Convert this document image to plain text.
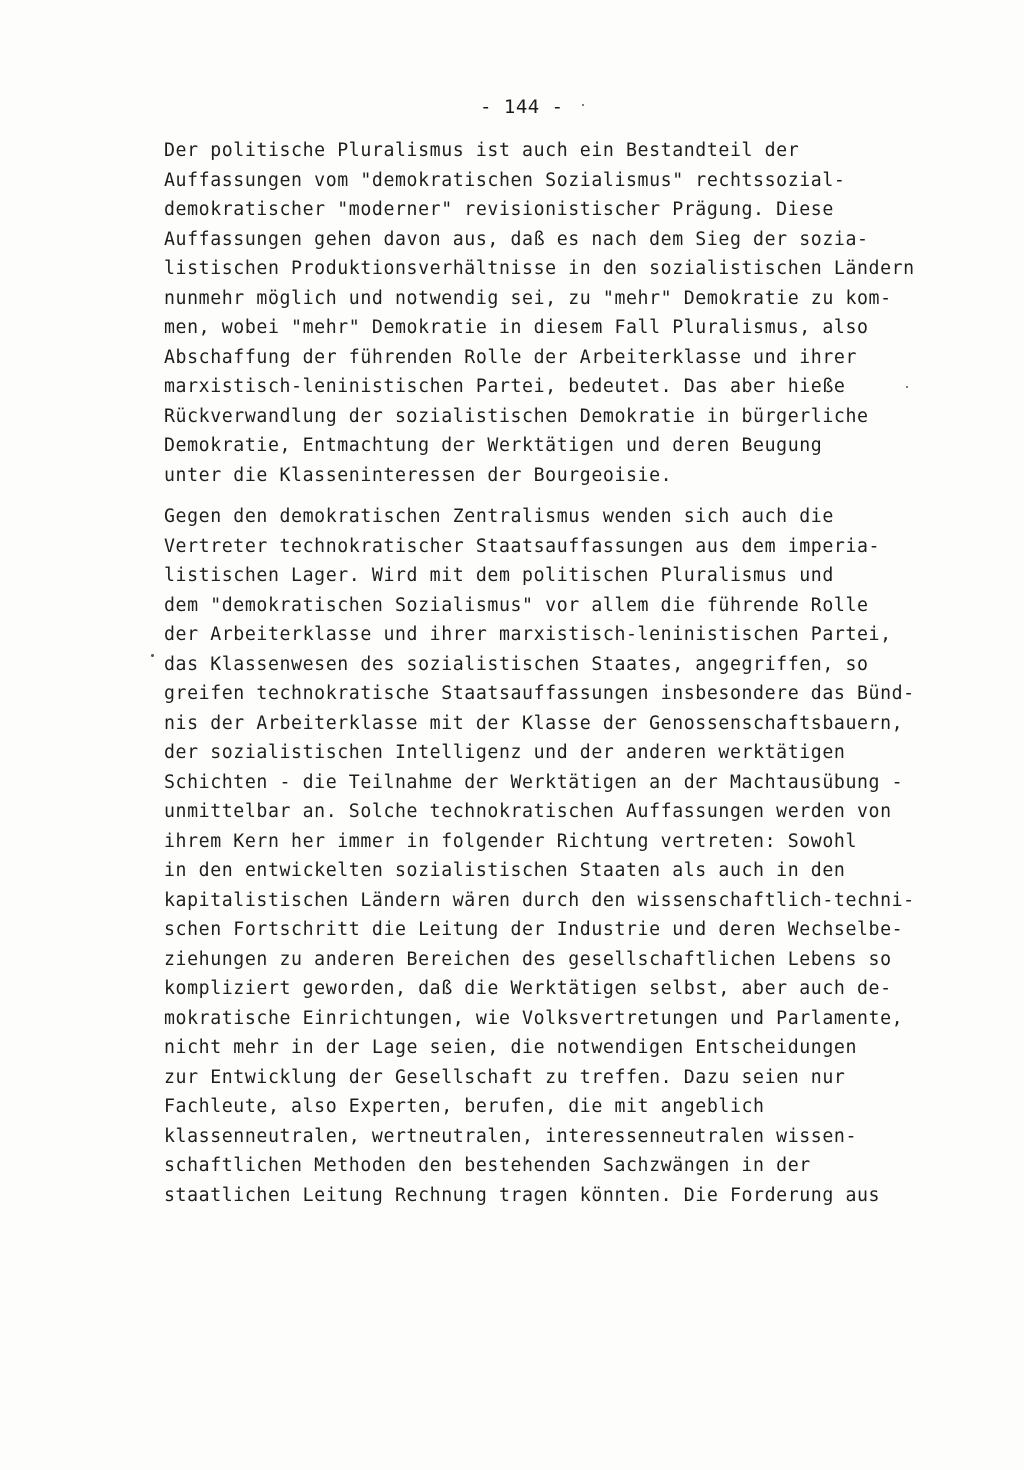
- 144 -
Der politische Pluralismus ist auch ein Bestandteil der
Auffassungen vom "demokratischen Sozialismus" rechtssozial-
demokratischer "moderner" revisionistischer Prägung. Diese
Auffassungen gehen davon aus, daß es nach dem Sieg der sozia-
listischen Produktionsverhältnisse in den sozialistischen Ländern
nunmehr möglich und notwendig sei, zu "mehr" Demokratie zu kom-
men, wobei "mehr" Demokratie in diesem Fall Pluralismus, also
Abschaffung der führenden Rolle der Arbeiterklasse und ihrer
marxistisch-leninistischen Partei, bedeutet. Das aber hieße
Rückverwandlung der sozialistischen Demokratie in bürgerliche
Demokratie, Entmachtung der Werktätigen und deren Beugung
unter die Klasseninteressen der Bourgeoisie.
Gegen den demokratischen Zentralismus wenden sich auch die
Vertreter technokratischer Staatsauffassungen aus dem imperia-
listischen Lager. Wird mit dem politischen Pluralismus und
dem "demokratischen Sozialismus" vor allem die führende Rolle
der Arbeiterklasse und ihrer marxistisch-leninistischen Partei,
das Klassenwesen des sozialistischen Staates, angegriffen, so
greifen technokratische Staatsauffassungen insbesondere das Bünd-
nis der Arbeiterklasse mit der Klasse der Genossenschaftsbauern,
der sozialistischen Intelligenz und der anderen werktätigen
Schichten - die Teilnahme der Werktätigen an der Machtausübung -
unmittelbar an. Solche technokratischen Auffassungen werden von
ihrem Kern her immer in folgender Richtung vertreten: Sowohl
in den entwickelten sozialistischen Staaten als auch in den
kapitalistischen Ländern wären durch den wissenschaftlich-techni-
schen Fortschritt die Leitung der Industrie und deren Wechselbe-
ziehungen zu anderen Bereichen des gesellschaftlichen Lebens so
kompliziert geworden, daß die Werktätigen selbst, aber auch de-
mokratische Einrichtungen, wie Volksvertretungen und Parlamente,
nicht mehr in der Lage seien, die notwendigen Entscheidungen
zur Entwicklung der Gesellschaft zu treffen. Dazu seien nur
Fachleute, also Experten, berufen, die mit angeblich
klassenneutralen, wertneutralen, interessenneutralen wissen-
schaftlichen Methoden den bestehenden Sachzwängen in der
staatlichen Leitung Rechnung tragen könnten. Die Forderung aus
